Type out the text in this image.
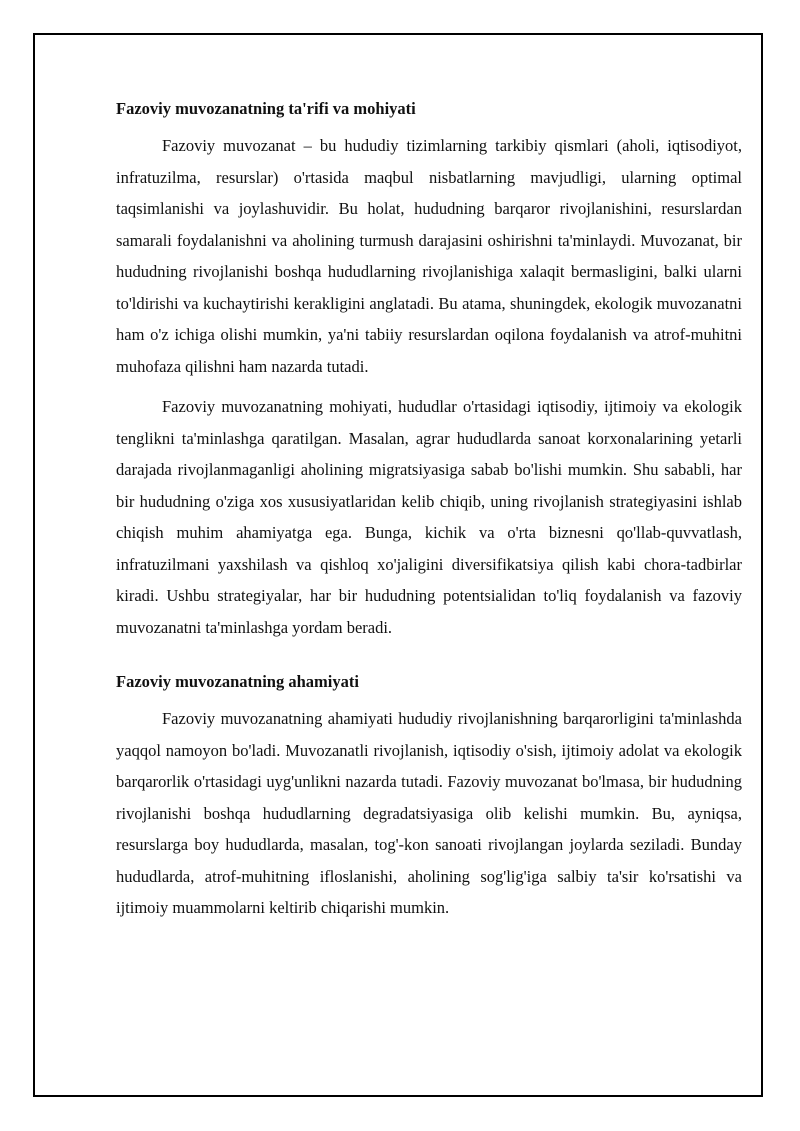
Fazoviy muvozanatning ta'rifi va mohiyati

Fazoviy muvozanat – bu hududiy tizimlarning tarkibiy qismlari (aholi, iqtisodiyot, infratuzilma, resurslar) o'rtasida maqbul nisbatlarning mavjudligi, ularning optimal taqsimlanishi va joylashuvidir. Bu holat, hududning barqaror rivojlanishini, resurslardan samarali foydalanishni va aholining turmush darajasini oshirishni ta'minlaydi. Muvozanat, bir hududning rivojlanishi boshqa hududlarning rivojlanishiga xalaqit bermasligini, balki ularni to'ldirishi va kuchaytirishi kerakligini anglatadi. Bu atama, shuningdek, ekologik muvozanatni ham o'z ichiga olishi mumkin, ya'ni tabiiy resurslardan oqilona foydalanish va atrof-muhitni muhofaza qilishni ham nazarda tutadi.

Fazoviy muvozanatning mohiyati, hududlar o'rtasidagi iqtisodiy, ijtimoiy va ekologik tenglikni ta'minlashga qaratilgan. Masalan, agrar hududlarda sanoat korxonalarining yetarli darajada rivojlanmaganligi aholining migratsiyasiga sabab bo'lishi mumkin. Shu sababli, har bir hududning o'ziga xos xususiyatlaridan kelib chiqib, uning rivojlanish strategiyasini ishlab chiqish muhim ahamiyatga ega. Bunga, kichik va o'rta biznesni qo'llab-quvvatlash, infratuzilmani yaxshilash va qishloq xo'jaligini diversifikatsiya qilish kabi chora-tadbirlar kiradi. Ushbu strategiyalar, har bir hududning potentsialidan to'liq foydalanish va fazoviy muvozanatni ta'minlashga yordam beradi.

Fazoviy muvozanatning ahamiyati

Fazoviy muvozanatning ahamiyati hududiy rivojlanishning barqarorligini ta'minlashda yaqqol namoyon bo'ladi. Muvozanatli rivojlanish, iqtisodiy o'sish, ijtimoiy adolat va ekologik barqarorlik o'rtasidagi uyg'unlikni nazarda tutadi. Fazoviy muvozanat bo'lmasa, bir hududning rivojlanishi boshqa hududlarning degradatsiyasiga olib kelishi mumkin. Bu, ayniqsa, resurslarga boy hududlarda, masalan, tog'-kon sanoati rivojlangan joylarda seziladi. Bunday hududlarda, atrof-muhitning ifloslanishi, aholining sog'lig'iga salbiy ta'sir ko'rsatishi va ijtimoiy muammolarni keltirib chiqarishi mumkin.
